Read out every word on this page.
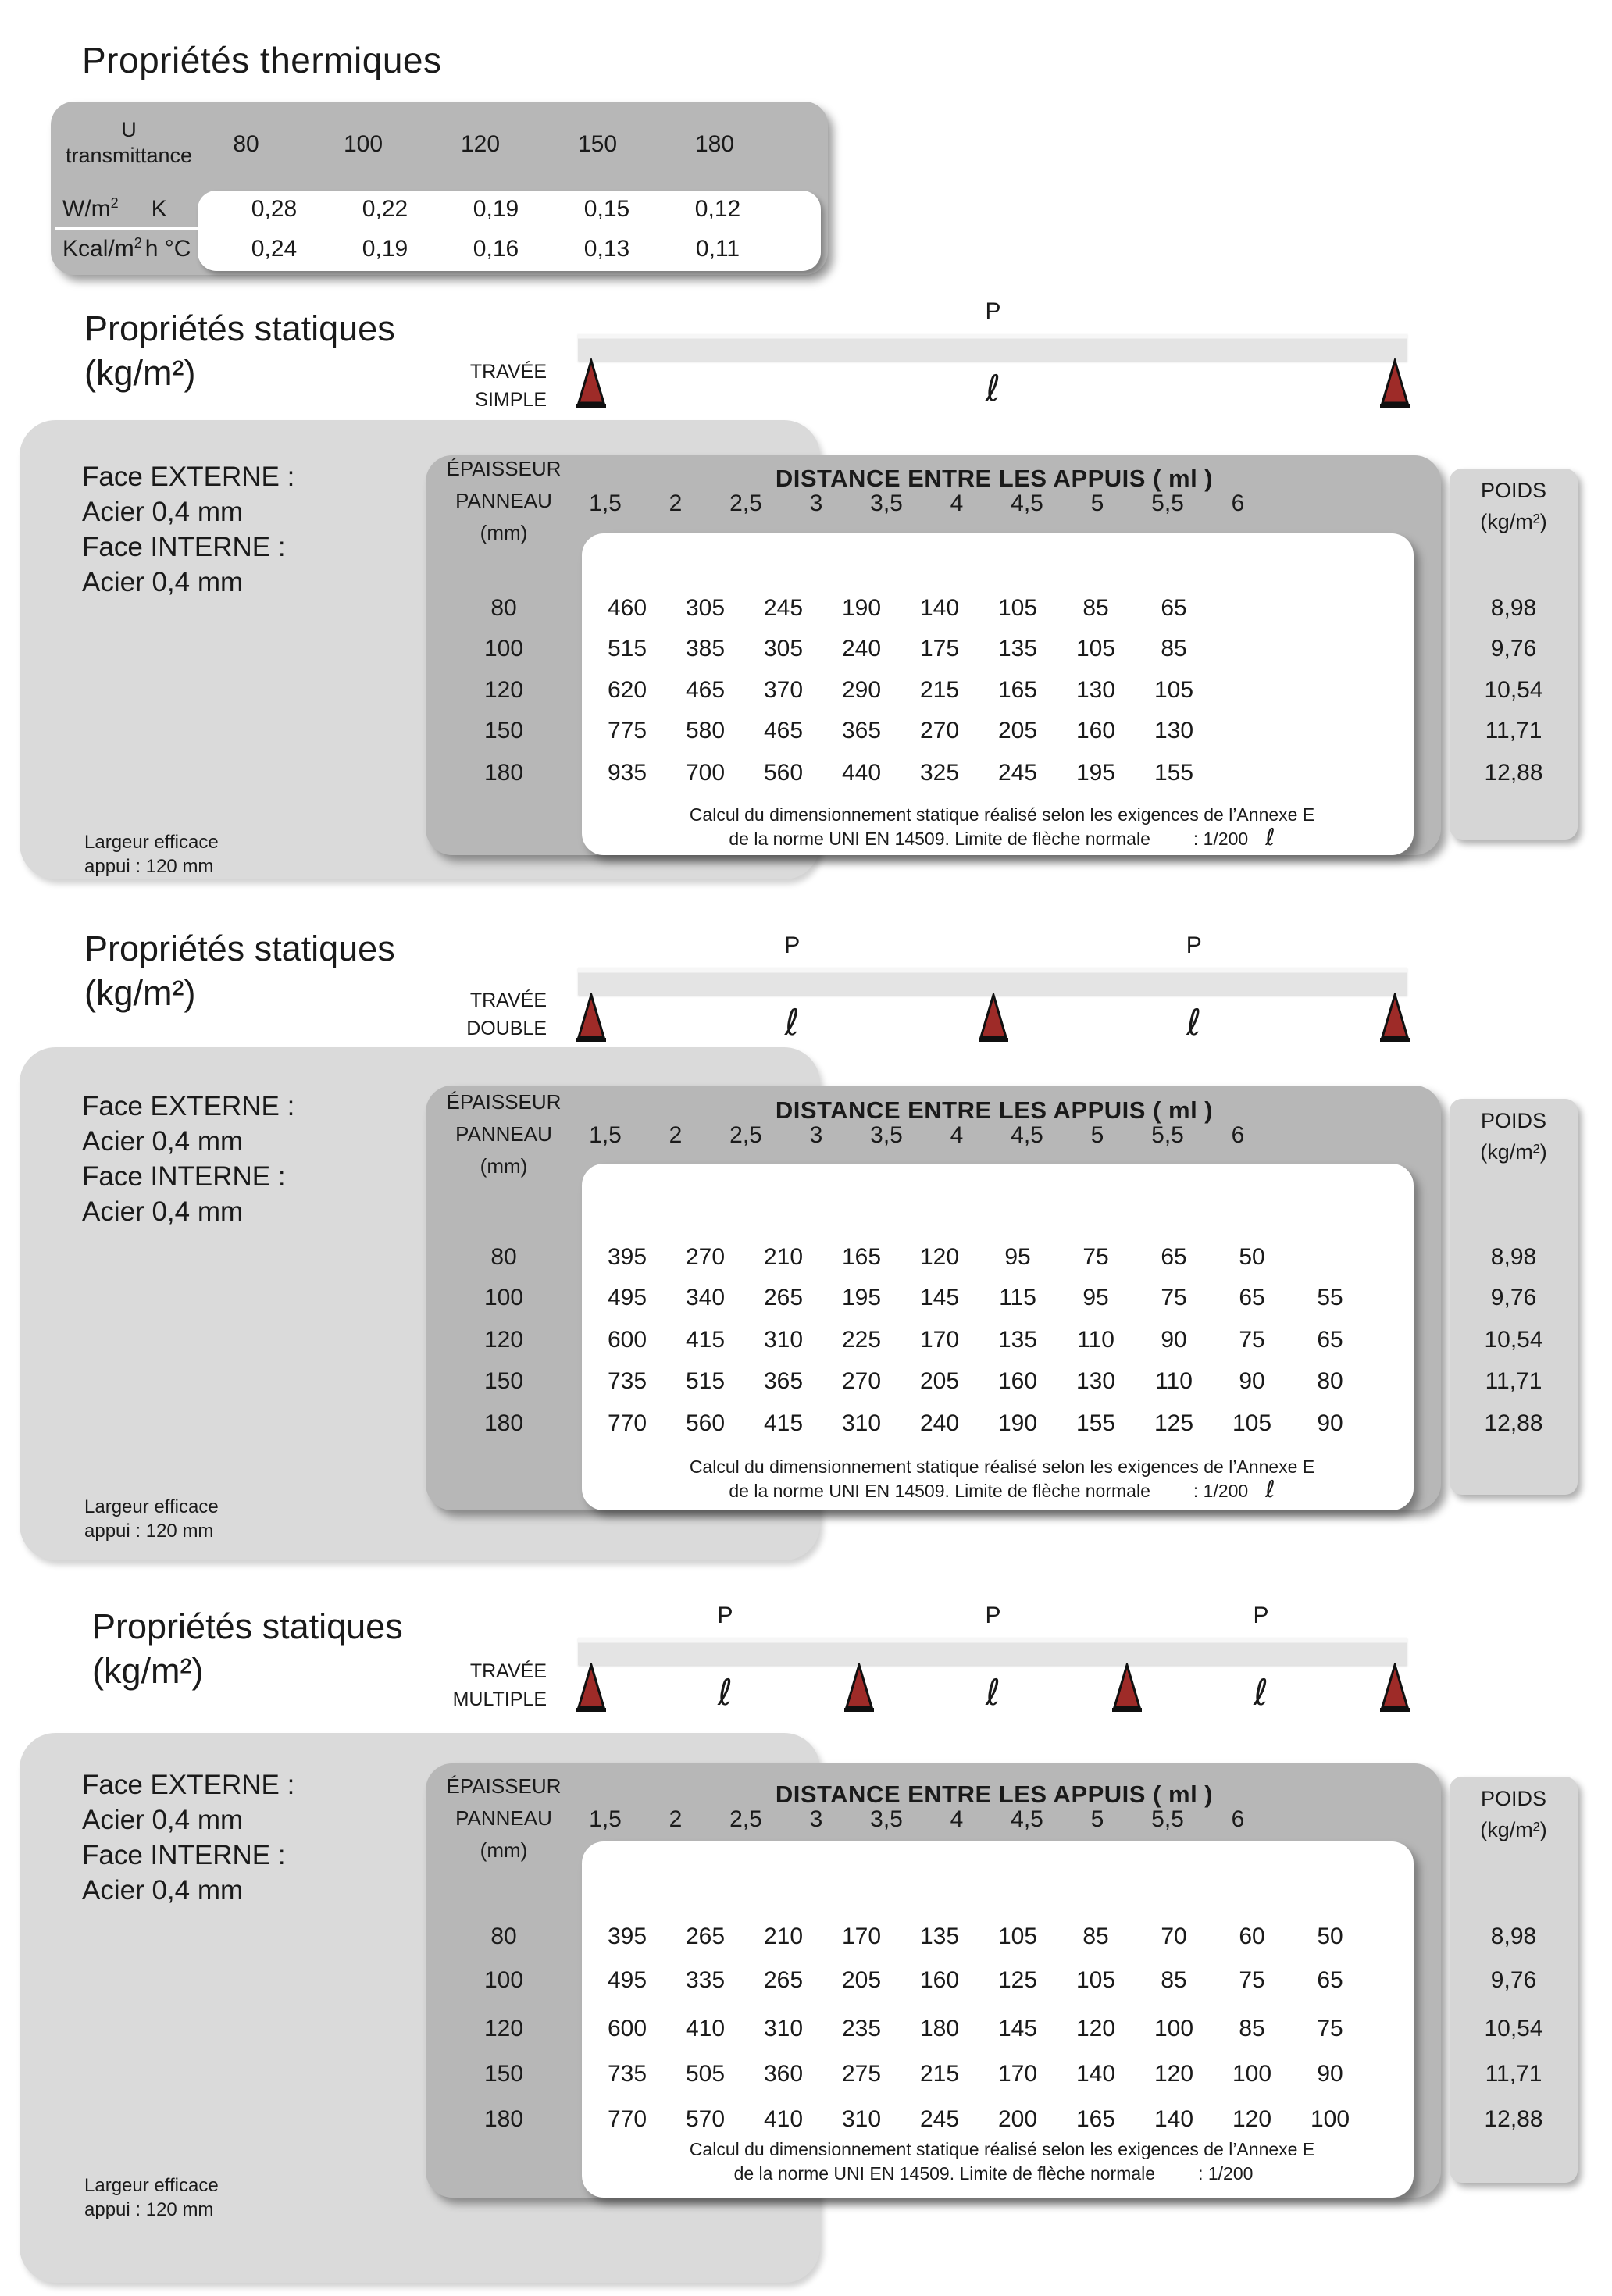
Propriétés thermiques
U
transmittance	80	100	120	150	180
$W/m^2$ K
Kcal/$m^2$ h °C
0,28	0,22	0,19	0,15	0,12
0,24	0,19	0,16	0,13	0,11
Propriétés statiques
(kg/m²)	TRAVÉE
SIMPLE
P
ℓ
Face EXTERNE :
Acier 0,4 mm
Face INTERNE :
Acier 0,4 mm
ÉPAISSEUR
PANNEAU
(mm)
DISTANCE ENTRE LES APPUIS ( ml )
1,5 2 2,5 3 3,5 4 4,5 5 5,5 6	POIDS
(kg/m²)
80	460	305	245	190	140	105	85	65	8,98
100	515	385	305	240	175	135	105	85	9,76
120	620	465	370	290	215	165	130	105	10,54
150	775	580	465	365	270	205	160	130	11,71
180	935	700	560	440	325	245	195	155	12,88
Calcul du dimensionnement statique réalisé selon les exigences de l’Annexe E
de la norme UNI EN 14509. Limite de flèche normale : 1/200 ℓ
Largeur efficace
appui : 120 mm
Propriétés statiques
(kg/m²)	TRAVÉE
DOUBLE
P
ℓ
P
ℓ
Face EXTERNE :
Acier 0,4 mm
Face INTERNE :
Acier 0,4 mm
ÉPAISSEUR
PANNEAU
(mm)
DISTANCE ENTRE LES APPUIS ( ml )
1,5 2 2,5 3 3,5 4 4,5 5 5,5 6
POIDS
(kg/m²)
80	395	270	210	165	120	95	75	65	50	8,98
100	495	340	265	195	145	115	95	75	65	55	9,76
120	600	415	310	225	170	135	110	90	75	65	10,54
150	735	515	365	270	205	160	130	110	90	80	11,71
180	770	560	415	310	240	190	155	125	105	90	12,88
Calcul du dimensionnement statique réalisé selon les exigences de l’Annexe E
de la norme UNI EN 14509. Limite de flèche normale : 1/200 ℓ
Largeur efficace
appui : 120 mm
Propriétés statiques
(kg/m²)	TRAVÉE
MULTIPLE
P
ℓ
P
ℓ
P
ℓ
Face EXTERNE :
Acier 0,4 mm
Face INTERNE :
Acier 0,4 mm
ÉPAISSEUR
PANNEAU
(mm)
DISTANCE ENTRE LES APPUIS ( ml )
1,5 2 2,5 3 3,5 4 4,5 5 5,5 6
POIDS
(kg/m²)
80	395	265	210	170	135	105	85	70	60	50	8,98
100	495	335	265	205	160	125	105	85	75	65	9,76
120	600	410	310	235	180	145	120	100	85	75	10,54
150	735	505	360	275	215	170	140	120	100	90	11,71
180	770	570	410	310	245	200	165	140	120	100	12,88
Calcul du dimensionnement statique réalisé selon les exigences de l’Annexe E
de la norme UNI EN 14509. Limite de flèche normale : 1/200
Largeur efficace
appui : 120 mm
